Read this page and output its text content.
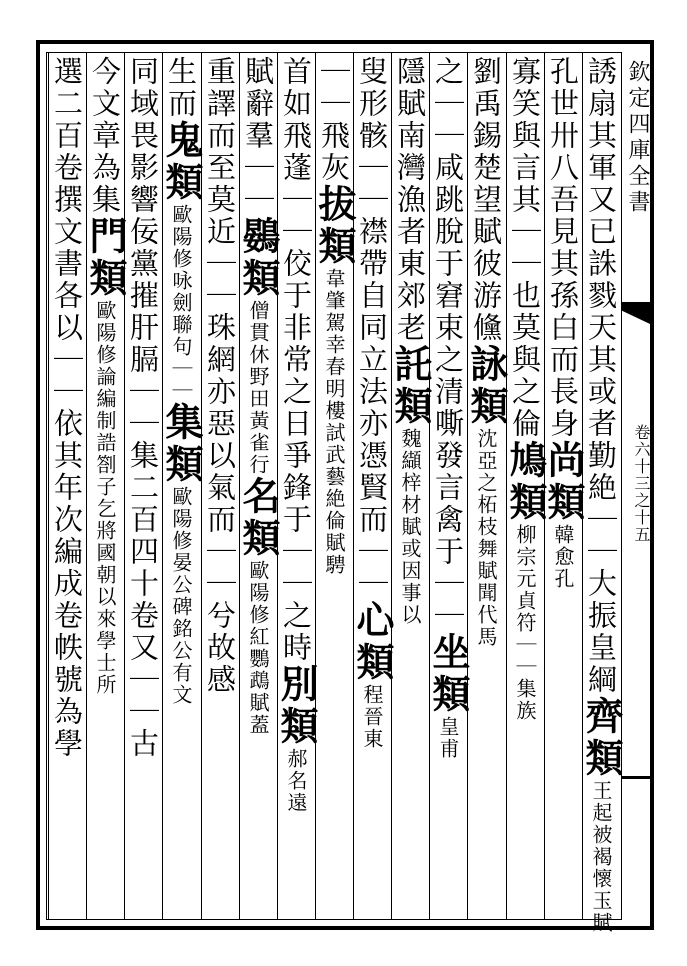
欽定四庫全書
卷六十三之十五
誘扇其軍又已誅戮天其或者勤絶｜｜大振皇綱齊類王起被褐懷玉賦
孔世卅八吾見其孫白而長身尚類韓愈孔
寡笑與言其｜｜也莫與之倫鳩類柳宗元貞符｜｜集族
劉禹錫楚望賦彼游儵詠類沈亞之柘枝舞賦聞代馬
之｜｜咸跳脫于窘束之清嘶發言禽于｜｜坐類皇甫
隱賦南灣漁者東郊老託類魏纈梓材賦或因事以
叟形骸｜｜襟帶自同立法亦憑賢而｜｜心類程晉東
｜｜飛灰拔類韋肇駕幸春明樓試武藝絶倫賦騁
首如飛蓬｜｜佼于非常之日爭鋒于｜｜之時別類郝名遠
賦辭羣｜｜鷃類僧貫休野田黃雀行名類歐陽修紅鸚鵡賦蓋
重譯而至莫近｜｜珠網亦惡以氣而｜｜兮故感
生而鬼類歐陽修咏劍聯句｜｜集類歐陽修晏公碑銘公有文
同域畏影響佞黨摧肝膈｜｜集二百四十卷又｜｜古
今文章為集門類歐陽修論編制誥劄子乞將國朝以來學士所
選二百卷撰文書各以｜｜依其年次編成卷帙號為學
